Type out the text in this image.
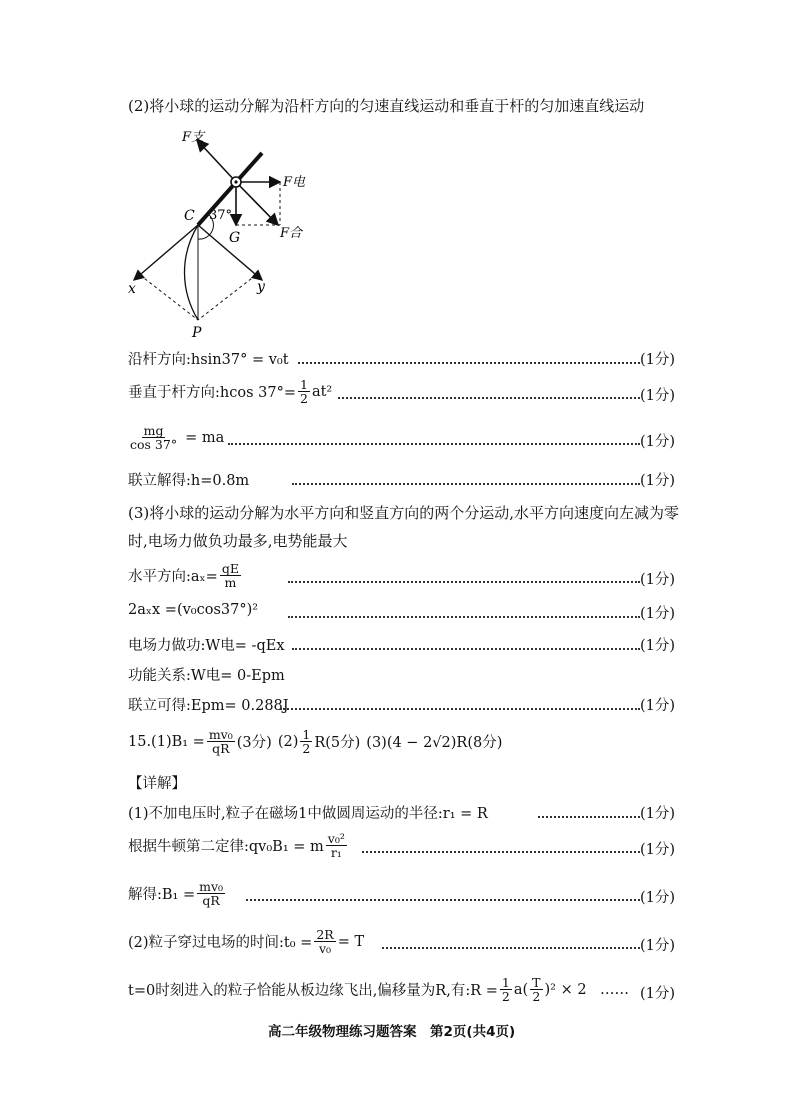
(2)将小球的运动分解为沿杆方向的匀速直线运动和垂直于杆的匀加速直线运动
F支
F电
F合
C 37°
G
x	y
P
沿杆方向:hsin37° = v₀t	(1分)
垂直于杆方向:hcos $37^\circ= \frac{1}{2} at^2$	(1分)
$\frac{mg}{\cos 37^\circ}$ = ma	(1分)
联立解得:h=0.8m	(1分)
(3)将小球的运动分解为水平方向和竖直方向的两个分运动,水平方向速度向左减为零
时,电场力做负功最多,电势能最大
水平方向:aₓ= $\frac{qE}{m}$	(1分)
2aₓx =(v₀cos37°)²	(1分)
电场力做功:W电= -qEx	(1分)
功能关系:W电= 0-Epm
联立可得:Epm= 0.288J	(1分)
$15.(1)B_1 = \frac{\text{mv₀}}{qR} (3$分) $(2) \frac{1}{2} R(5$分) (3)(4 − 2√2)R(8分)
【详解】
(1)不加电压时,粒子在磁场1中做圆周运动的半径:r₁ = R	(1分)
根据牛顿第二定律:qv₀B₁ = m $\frac{\text{v₀²}}{\text{r₁}}$	(1分)
解得:B₁ = $\frac{\text{mv₀}}{qR}$	(1分)
(2)粒子穿过电场的时间:t₀ = $\frac{2R}{\text{v₀}} = T$	(1分)
t=0时刻进入的粒子恰能从板边缘飞出,偏移量为R,有:R = $\frac{1}{2} a( \frac{T}{2} )^2 \times 2$ …… (1分)
高二年级物理练习题答案　第2页(共4页)
